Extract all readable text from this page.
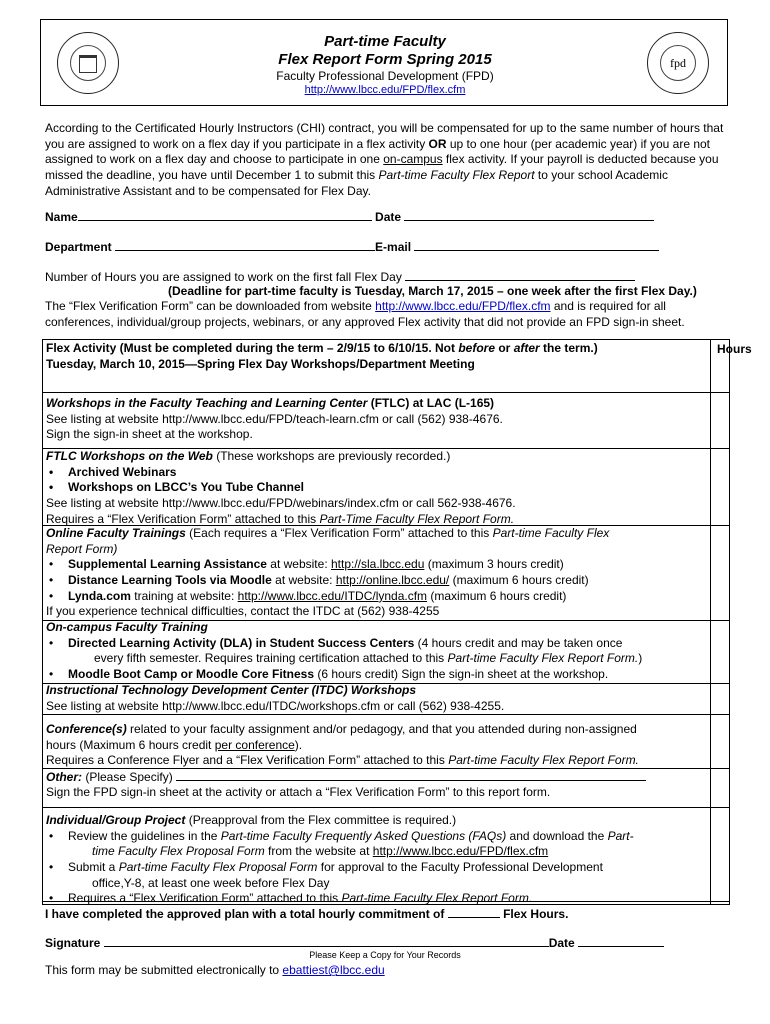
fpd
Part-time Faculty
Flex Report Form Spring 2015
Faculty Professional Development (FPD)
http://www.lbcc.edu/FPD/flex.cfm
According to the Certificated Hourly Instructors (CHI) contract, you will be compensated for up to the same number of hours that you are assigned to work on a flex day if you participate in a flex activity OR up to one hour (per academic year) if you are not assigned to work on a flex day and choose to participate in one on-campus flex activity. If your payroll is deducted because you missed the deadline, you have until December 1 to submit this Part-time Faculty Flex Report to your school Academic Administrative Assistant and to be compensated for Flex Day.
Name	Date
Department	E-mail
Number of Hours you are assigned to work on the first fall Flex Day
(Deadline for part-time faculty is Tuesday, March 17, 2015 – one week after the first Flex Day.)
The “Flex Verification Form” can be downloaded from website http://www.lbcc.edu/FPD/flex.cfm and is required for all
conferences, individual/group projects, webinars, or any approved Flex activity that did not provide an FPD sign-in sheet.
Hours
Flex Activity (Must be completed during the term – 2/9/15 to 6/10/15. Not before or after the term.)
Tuesday, March 10, 2015—Spring Flex Day Workshops/Department Meeting
Workshops in the Faculty Teaching and Learning Center (FTLC) at LAC (L-165)
See listing at website http://www.lbcc.edu/FPD/teach-learn.cfm or call (562) 938-4676.
Sign the sign-in sheet at the workshop.
FTLC Workshops on the Web (These workshops are previously recorded.)
• Archived Webinars
• Workshops on LBCC’s You Tube Channel
See listing at website http://www.lbcc.edu/FPD/webinars/index.cfm or call 562-938-4676.
Requires a “Flex Verification Form” attached to this Part-Time Faculty Flex Report Form.
Online Faculty Trainings (Each requires a “Flex Verification Form” attached to this Part-time Faculty Flex
Report Form)
• Supplemental Learning Assistance at website: http://sla.lbcc.edu (maximum 3 hours credit)
• Distance Learning Tools via Moodle at website: http://online.lbcc.edu/ (maximum 6 hours credit)
• Lynda.com training at website: http://www.lbcc.edu/ITDC/lynda.cfm (maximum 6 hours credit)
If you experience technical difficulties, contact the ITDC at (562) 938-4255
On-campus Faculty Training
• Directed Learning Activity (DLA) in Student Success Centers (4 hours credit and may be taken once
every fifth semester. Requires training certification attached to this Part-time Faculty Flex Report Form.)
• Moodle Boot Camp or Moodle Core Fitness (6 hours credit) Sign the sign-in sheet at the workshop.
Instructional Technology Development Center (ITDC) Workshops
See listing at website http://www.lbcc.edu/ITDC/workshops.cfm or call (562) 938-4255.
Conference(s) related to your faculty assignment and/or pedagogy, and that you attended during non-assigned
hours (Maximum 6 hours credit per conference).
Requires a Conference Flyer and a “Flex Verification Form” attached to this Part-time Faculty Flex Report Form.
Other: (Please Specify)
Sign the FPD sign-in sheet at the activity or attach a “Flex Verification Form” to this report form.
Individual/Group Project (Preapproval from the Flex committee is required.)
• Review the guidelines in the Part-time Faculty Frequently Asked Questions (FAQs) and download the Part-
time Faculty Flex Proposal Form from the website at http://www.lbcc.edu/FPD/flex.cfm
• Submit a Part-time Faculty Flex Proposal Form for approval to the Faculty Professional Development
office,Y-8, at least one week before Flex Day
• Requires a “Flex Verification Form” attached to this Part-time Faculty Flex Report Form.
I have completed the approved plan with a total hourly commitment of	Flex Hours.
Signature	Date
Please Keep a Copy for Your Records
This form may be submitted electronically to ebattiest@lbcc.edu
